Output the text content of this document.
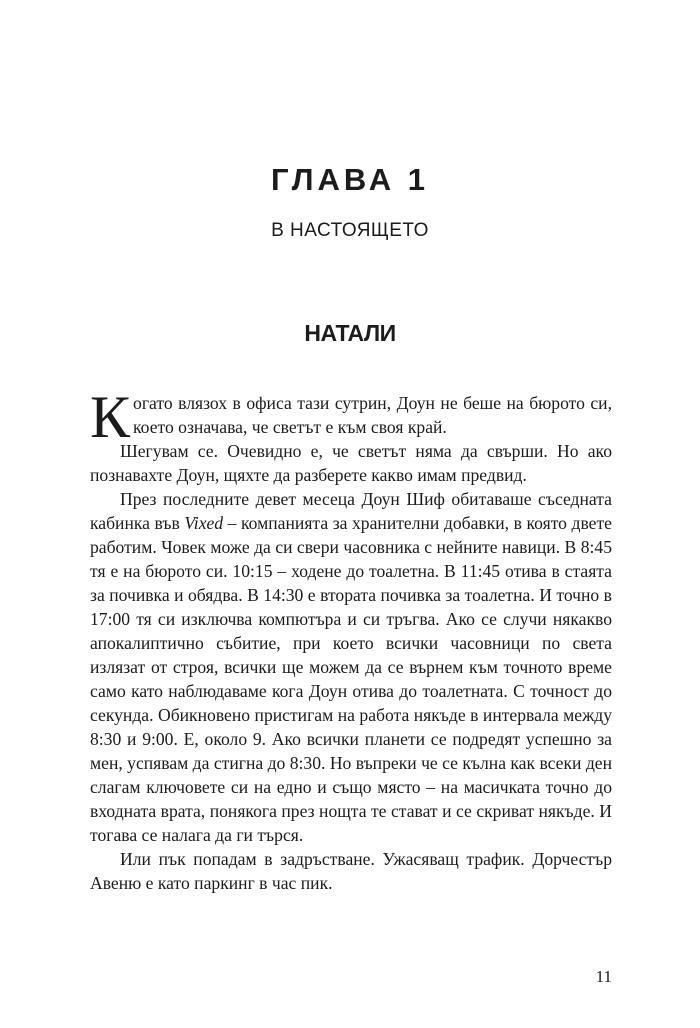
ГЛАВА 1
В НАСТОЯЩЕТО
НАТАЛИ

Когато влязох в офиса тази сутрин, Доун не беше на бюрото си, което означава, че светът е към своя край.

Шегувам се. Очевидно е, че светът няма да свърши. Но ако познавахте Доун, щяхте да разберете какво имам предвид.

През последните девет месеца Доун Шиф обитаваше съседната кабинка във Vixed – компанията за хранителни добавки, в която двете работим. Човек може да си свери часовника с нейните навици. В 8:45 тя е на бюрото си. 10:15 – ходене до тоалетна. В 11:45 отива в стаята за почивка и обядва. В 14:30 е втората почивка за тоалетна. И точно в 17:00 тя си изключва компютъра и си тръгва. Ако се случи някакво апокалиптично събитие, при което всички часовници по света излязат от строя, всички ще можем да се върнем към точното време само като наблюдаваме кога Доун отива до тоалетната. С точност до секунда. Обикновено пристигам на работа някъде в интервала между 8:30 и 9:00. Е, около 9. Ако всички планети се подредят успешно за мен, успявам да стигна до 8:30. Но въпреки че се кълна как всеки ден слагам ключовете си на едно и също място – на масичката точно до входната врата, понякога през нощта те стават и се скриват някъде. И тогава се налага да ги търся.

Или пък попадам в задръстване. Ужасяващ трафик. Дорчестър Авеню е като паркинг в час пик.

11
